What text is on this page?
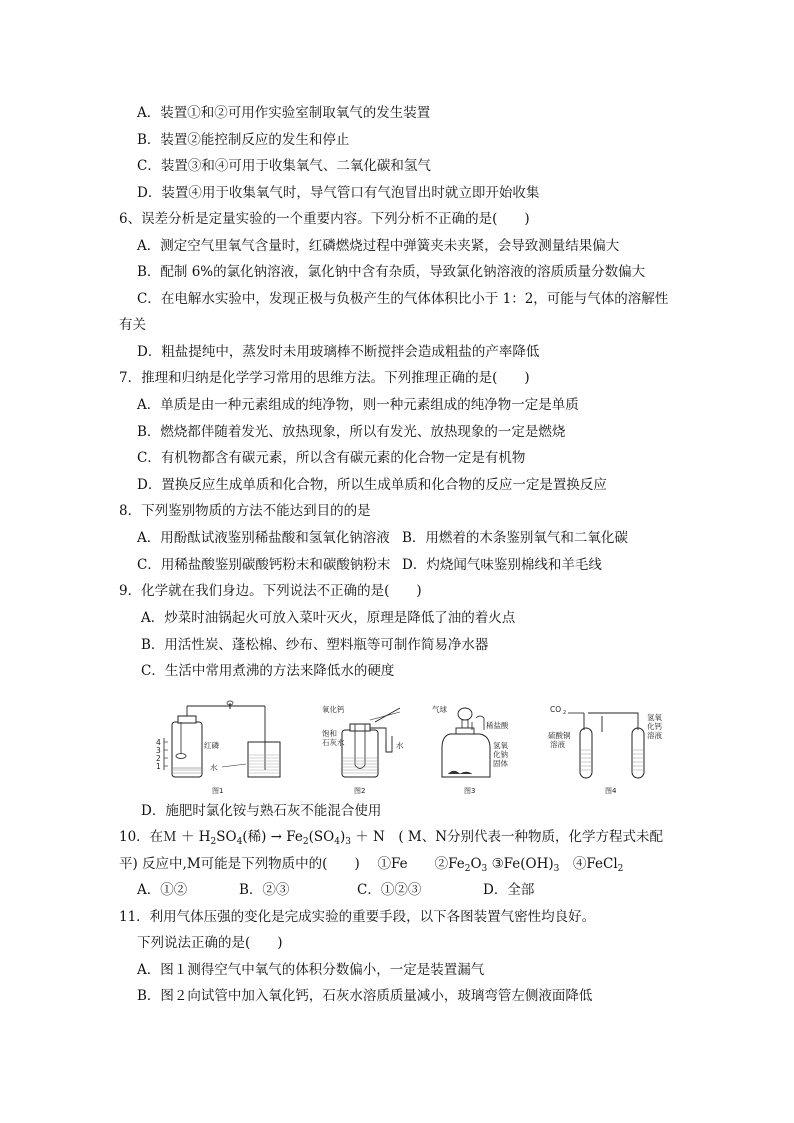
A．装置①和②可用作实验室制取氧气的发生装置
B．装置②能控制反应的发生和停止
C．装置③和④可用于收集氧气、二氧化碳和氢气
D．装置④用于收集氧气时，导气管口有气泡冒出时就立即开始收集
6、误差分析是定量实验的一个重要内容。下列分析不正确的是(　　)
A．测定空气里氧气含量时，红磷燃烧过程中弹簧夹未夹紧，会导致测量结果偏大
B．配制 6%的氯化钠溶液，氯化钠中含有杂质，导致氯化钠溶液的溶质质量分数偏大
C．在电解水实验中，发现正极与负极产生的气体体积比小于 1：2，可能与气体的溶解性
有关
D．粗盐提纯中，蒸发时未用玻璃棒不断搅拌会造成粗盐的产率降低
7．推理和归纳是化学学习常用的思维方法。下列推理正确的是(　　)
A．单质是由一种元素组成的纯净物，则一种元素组成的纯净物一定是单质
B．燃烧都伴随着发光、放热现象，所以有发光、放热现象的一定是燃烧
C．有机物都含有碳元素，所以含有碳元素的化合物一定是有机物
D．置换反应生成单质和化合物，所以生成单质和化合物的反应一定是置换反应
8．下列鉴别物质的方法不能达到目的的是
A．用酚酞试液鉴别稀盐酸和氢氧化钠溶液 B．用燃着的木条鉴别氧气和二氧化碳
C．用稀盐酸鉴别碳酸钙粉末和碳酸钠粉末 D．灼烧闻气味鉴别棉线和羊毛线
9．化学就在我们身边。下列说法不正确的是(　　)
A．炒菜时油锅起火可放入菜叶灭火，原理是降低了油的着火点
B．用活性炭、蓬松棉、纱布、塑料瓶等可制作简易净水器
C．生活中常用煮沸的方法来降低水的硬度
4
3
2
1
红磷
水
图1
氧化钙
饱和
石灰水	水
图2
气球
稀盐酸
氢氧
化钠
固体
图3
CO 2
硫酸铜
溶液
氢氧
化钙
溶液
图4
D．施肥时氯化铵与熟石灰不能混合使用
10．在Ｍ ＋ $H_2SO_4$(稀) → $Fe_2(SO_4)_3 + N$　( M、N分别代表一种物质，化学方程式未配
平) 反应中,M可能是下列物质中的(　　)　 ①Fe　　$②Fe_2O_3$ $③Fe(OH)_3$　④FeCl$_2$
A．①②	B．②③	C．①②③	D．全部
11．利用气体压强的变化是完成实验的重要手段，以下各图装置气密性均良好。
下列说法正确的是(　　)
A．图１测得空气中氧气的体积分数偏小，一定是装置漏气
B．图２向试管中加入氧化钙，石灰水溶质质量减小，玻璃弯管左侧液面降低
